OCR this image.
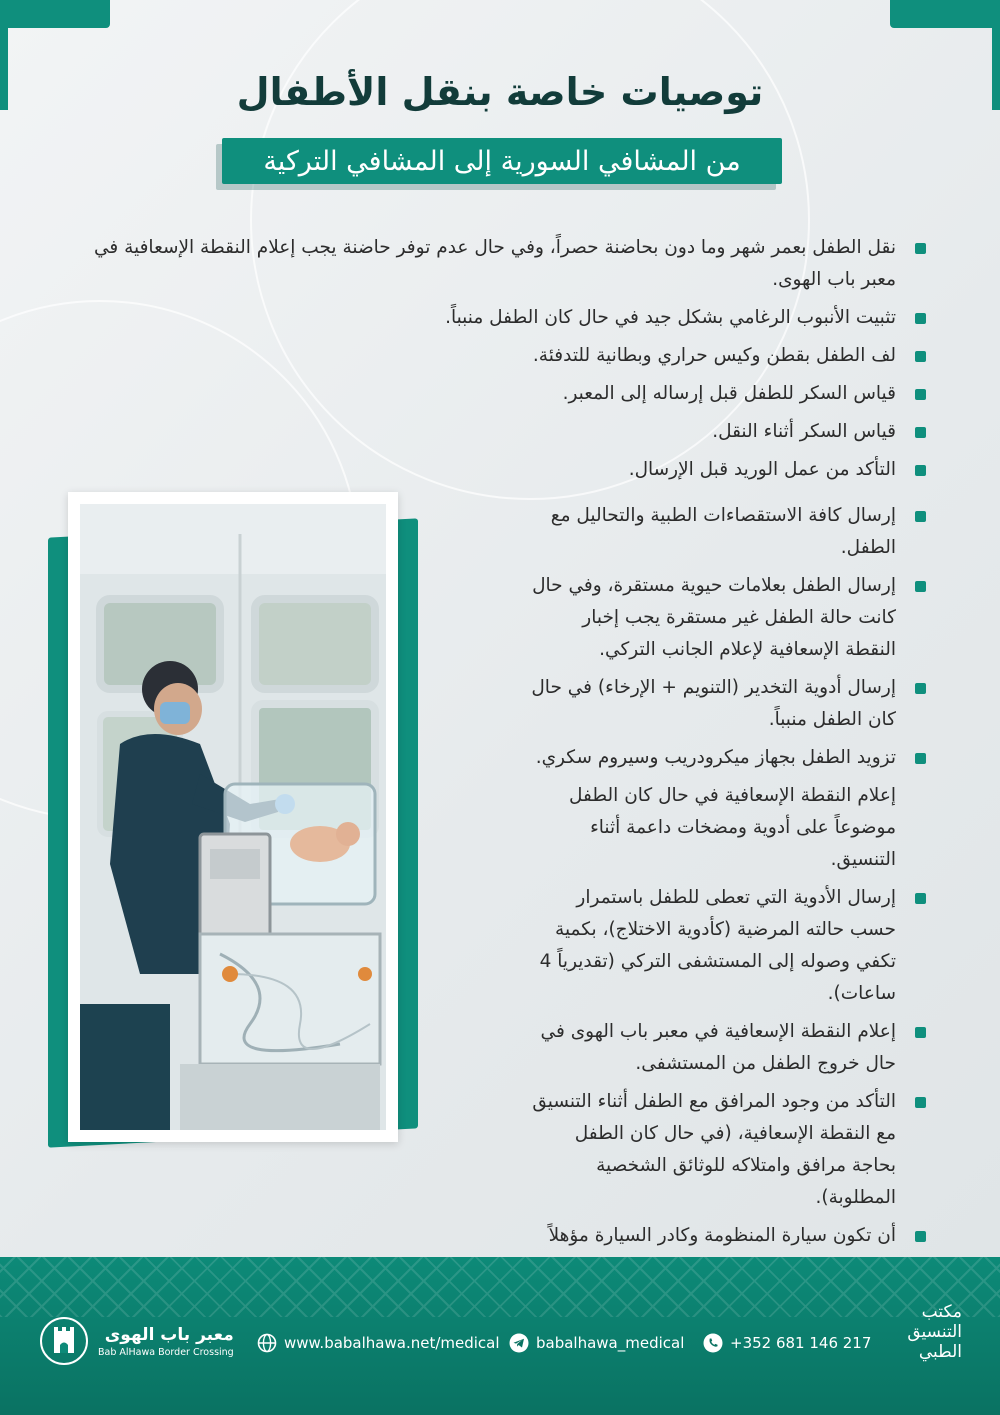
توصيات خاصة بنقل الأطفال
من المشافي السورية إلى المشافي التركية
نقل الطفل بعمر شهر وما دون بحاضنة حصراً، وفي حال عدم توفر حاضنة يجب إعلام النقطة الإسعافية في معبر باب الهوى.
تثبيت الأنبوب الرغامي بشكل جيد في حال كان الطفل منبباً.
لف الطفل بقطن وكيس حراري وبطانية للتدفئة.
قياس السكر للطفل قبل إرساله إلى المعبر.
قياس السكر أثناء النقل.
التأكد من عمل الوريد قبل الإرسال.
إرسال كافة الاستقصاءات الطبية والتحاليل مع الطفل.
إرسال الطفل بعلامات حيوية مستقرة، وفي حال كانت حالة الطفل غير مستقرة يجب إخبار النقطة الإسعافية لإعلام الجانب التركي.
إرسال أدوية التخدير (التنويم + الإرخاء) في حال كان الطفل منبباً.
تزويد الطفل بجهاز ميكرودريب وسيروم سكري.
إعلام النقطة الإسعافية في حال كان الطفل موضوعاً على أدوية ومضخات داعمة أثناء التنسيق.
إرسال الأدوية التي تعطى للطفل باستمرار حسب حالته المرضية (كأدوية الاختلاج)، بكمية تكفي وصوله إلى المستشفى التركي (تقديرياً 4 ساعات).
إعلام النقطة الإسعافية في معبر باب الهوى في حال خروج الطفل من المستشفى.
التأكد من وجود المرافق مع الطفل أثناء التنسيق مع النقطة الإسعافية، (في حال كان الطفل بحاجة مرافق وامتلاكه للوثائق الشخصية المطلوبة).
أن تكون سيارة المنظومة وكادر السيارة مؤهلاً
معبر باب الهوى
Bab AlHawa Border Crossing	www.babalhawa.net/medical babalhawa_medical	+352 681 146 217
مكتب
التنسيق
الطبي
